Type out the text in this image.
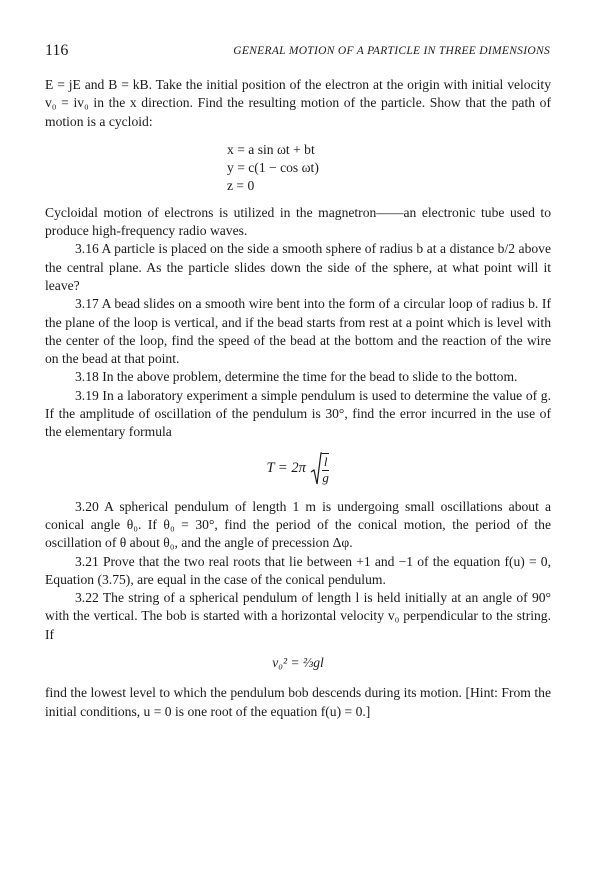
116	GENERAL MOTION OF A PARTICLE IN THREE DIMENSIONS

E = jE and B = kB. Take the initial position of the electron at the origin with initial velocity v₀ = iv₀ in the x direction. Find the resulting motion of the particle. Show that the path of motion is a cycloid:

x = a sin ωt + bt
y = c(1 − cos ωt)
z = 0

Cycloidal motion of electrons is utilized in the magnetron——an electronic tube used to produce high-frequency radio waves.

3.16 A particle is placed on the side a smooth sphere of radius b at a distance b/2 above the central plane. As the particle slides down the side of the sphere, at what point will it leave?

3.17 A bead slides on a smooth wire bent into the form of a circular loop of radius b. If the plane of the loop is vertical, and if the bead starts from rest at a point which is level with the center of the loop, find the speed of the bead at the bottom and the reaction of the wire on the bead at that point.

3.18 In the above problem, determine the time for the bead to slide to the bottom.

3.19 In a laboratory experiment a simple pendulum is used to determine the value of g. If the amplitude of oscillation of the pendulum is 30°, find the error incurred in the use of the elementary formula

$T = 2\pi \frac{l}{g}$

3.20 A spherical pendulum of length 1 m is undergoing small oscillations about a conical angle θ₀. If θ₀ = 30°, find the period of the conical motion, the period of the oscillation of θ about θ₀, and the angle of precession Δφ.

3.21 Prove that the two real roots that lie between +1 and −1 of the equation f(u) = 0, Equation (3.75), are equal in the case of the conical pendulum.

3.22 The string of a spherical pendulum of length l is held initially at an angle of 90° with the vertical. The bob is started with a horizontal velocity v₀ perpendicular to the string. If

v₀² = ⅔gl

find the lowest level to which the pendulum bob descends during its motion. [Hint: From the initial conditions, u = 0 is one root of the equation f(u) = 0.]
